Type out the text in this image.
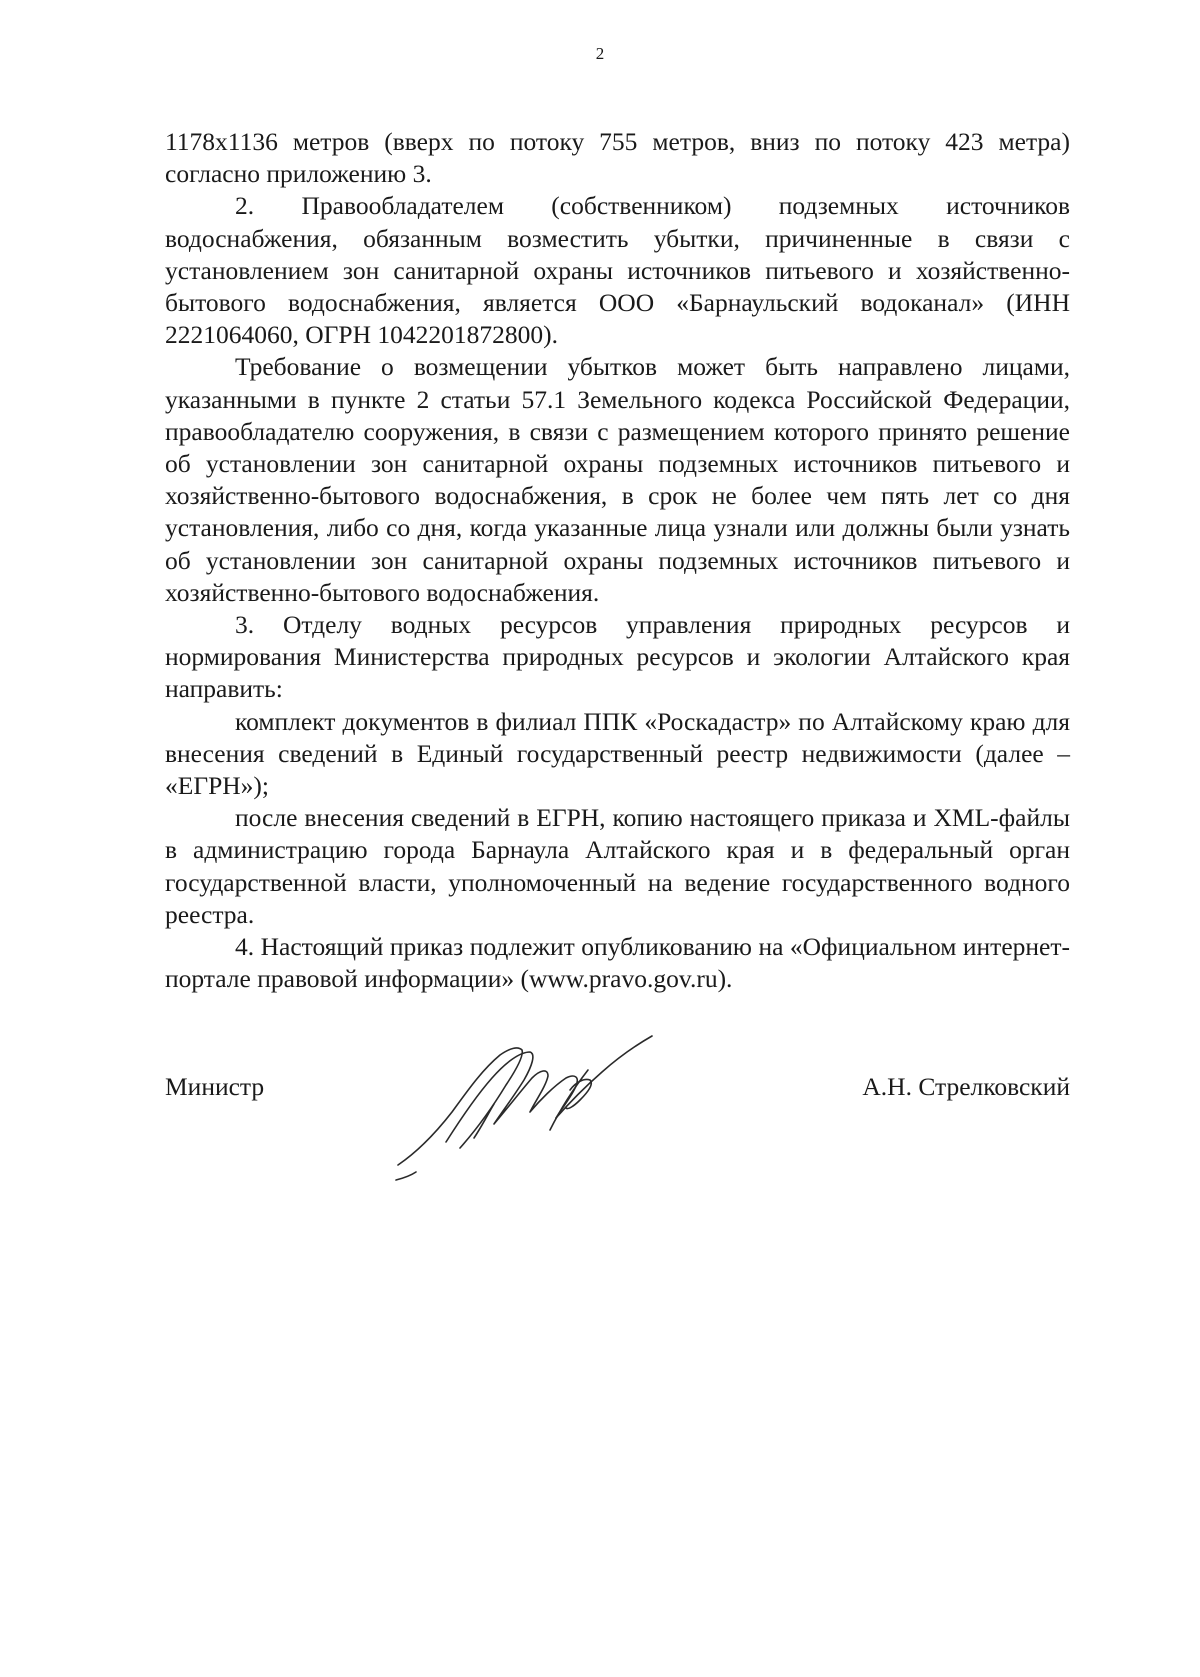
2

1178x1136 метров (вверх по потоку 755 метров, вниз по потоку 423 метра) согласно приложению 3.

2. Правообладателем (собственником) подземных источников водоснабжения, обязанным возместить убытки, причиненные в связи с установлением зон санитарной охраны источников питьевого и хозяйственно-бытового водоснабжения, является ООО «Барнаульский водоканал» (ИНН 2221064060, ОГРН 1042201872800).

Требование о возмещении убытков может быть направлено лицами, указанными в пункте 2 статьи 57.1 Земельного кодекса Российской Федерации, правообладателю сооружения, в связи с размещением которого принято решение об установлении зон санитарной охраны подземных источников питьевого и хозяйственно-бытового водоснабжения, в срок не более чем пять лет со дня установления, либо со дня, когда указанные лица узнали или должны были узнать об установлении зон санитарной охраны подземных источников питьевого и хозяйственно-бытового водоснабжения.

3. Отделу водных ресурсов управления природных ресурсов и нормирования Министерства природных ресурсов и экологии Алтайского края направить:

комплект документов в филиал ППК «Роскадастр» по Алтайскому краю для внесения сведений в Единый государственный реестр недвижимости (далее – «ЕГРН»);

после внесения сведений в ЕГРН, копию настоящего приказа и XML-файлы в администрацию города Барнаула Алтайского края и в федеральный орган государственной власти, уполномоченный на ведение государственного водного реестра.

4. Настоящий приказ подлежит опубликованию на «Официальном интернет-портале правовой информации» (www.pravo.gov.ru).

Министр	А.Н. Стрелковский
